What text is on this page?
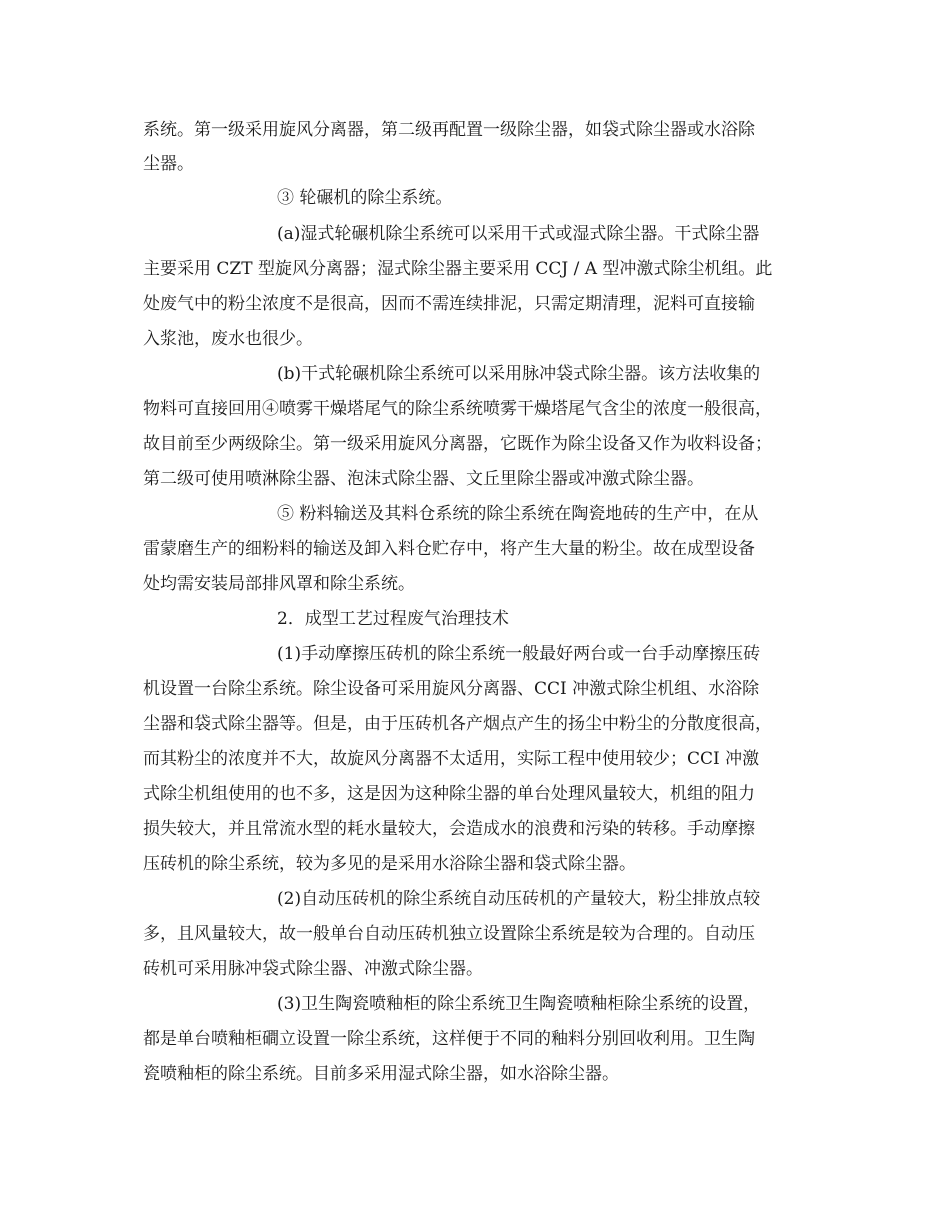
系统。第一级采用旋风分离器，第二级再配置一级除尘器，如袋式除尘器或水浴除
尘器。
③ 轮碾机的除尘系统。
(a)湿式轮碾机除尘系统可以采用干式或湿式除尘器。干式除尘器
主要采用 CZT 型旋风分离器；湿式除尘器主要采用 CCJ / A 型冲激式除尘机组。此
处废气中的粉尘浓度不是很高，因而不需连续排泥，只需定期清理，泥料可直接输
入浆池，废水也很少。
(b)干式轮碾机除尘系统可以采用脉冲袋式除尘器。该方法收集的
物料可直接回用④喷雾干燥塔尾气的除尘系统喷雾干燥塔尾气含尘的浓度一般很高，
故目前至少两级除尘。第一级采用旋风分离器，它既作为除尘设备又作为收料设备；
第二级可使用喷淋除尘器、泡沫式除尘器、文丘里除尘器或冲激式除尘器。
⑤ 粉料输送及其料仓系统的除尘系统在陶瓷地砖的生产中，在从
雷蒙磨生产的细粉料的输送及卸入料仓贮存中，将产生大量的粉尘。故在成型设备
处均需安装局部排风罩和除尘系统。
2．成型工艺过程废气治理技术
(1)手动摩擦压砖机的除尘系统一般最好两台或一台手动摩擦压砖
机设置一台除尘系统。除尘设备可采用旋风分离器、CCI 冲激式除尘机组、水浴除
尘器和袋式除尘器等。但是，由于压砖机各产烟点产生的扬尘中粉尘的分散度很高，
而其粉尘的浓度并不大，故旋风分离器不太适用，实际工程中使用较少；CCI 冲激
式除尘机组使用的也不多，这是因为这种除尘器的单台处理风量较大，机组的阻力
损失较大，并且常流水型的耗水量较大，会造成水的浪费和污染的转移。手动摩擦
压砖机的除尘系统，较为多见的是采用水浴除尘器和袋式除尘器。
(2)自动压砖机的除尘系统自动压砖机的产量较大，粉尘排放点较
多，且风量较大，故一般单台自动压砖机独立设置除尘系统是较为合理的。自动压
砖机可采用脉冲袋式除尘器、冲激式除尘器。
(3)卫生陶瓷喷釉柜的除尘系统卫生陶瓷喷釉柜除尘系统的设置，
都是单台喷釉柜磵立设置一除尘系统，这样便于不同的釉料分别回收利用。卫生陶
瓷喷釉柜的除尘系统。目前多采用湿式除尘器，如水浴除尘器。
